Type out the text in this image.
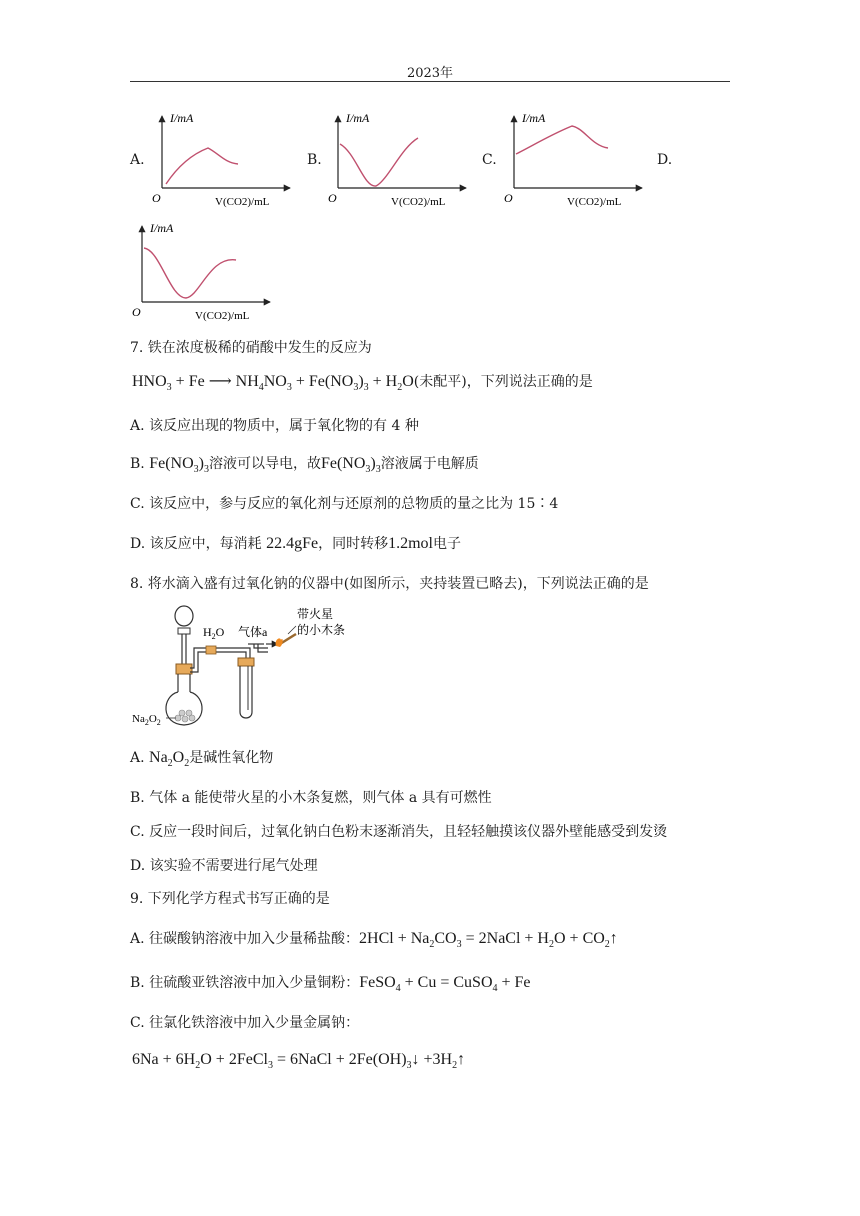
2023年
A.	B.	C.	D.
I/mA
O	V(CO2)/mL
I/mA
O	V(CO2)/mL
I/mA
O	V(CO2)/mL
I/mA
O	V(CO2)/mL
7. 铁在浓度极稀的硝酸中发生的反应为
$HNO_3 + Fe$ ⟶ $NH_4NO_3 + Fe(NO_3)_3 + H_2O$(未配平)，下列说法正确的是
A. 该反应出现的物质中，属于氧化物的有 4 种
B. $Fe(NO_3)_3$溶液可以导电，故$Fe(NO_3)_3$溶液属于电解质
C. 该反应中，参与反应的氧化剂与还原剂的总物质的量之比为 15∶4
D. 该反应中，每消耗 22.4gFe，同时转移1.2mol电子
8. 将水滴入盛有过氧化钠的仪器中(如图所示，夹持装置已略去)，下列说法正确的是
$H_2O$ 气体a
带火星
的小木条
$Na_2O_2$
A. $Na_2O_2$是碱性氧化物
B. 气体 a 能使带火星的小木条复燃，则气体 a 具有可燃性
C. 反应一段时间后，过氧化钠白色粉末逐渐消失，且轻轻触摸该仪器外壁能感受到发烫
D. 该实验不需要进行尾气处理
9. 下列化学方程式书写正确的是
A. 往碳酸钠溶液中加入少量稀盐酸：$2HCl + Na_2CO_3$ = 2NaCl + $H_2O$ + $CO_2↑$
B. 往硫酸亚铁溶液中加入少量铜粉：FeSO$_4$ + Cu = CuSO$_4$ + Fe
C. 往氯化铁溶液中加入少量金属钠：
$6Na + 6H_2O$ + 2FeCl$_3$ = 6NaCl + $2Fe(OH)_3↓$ $+3H_2↑$
